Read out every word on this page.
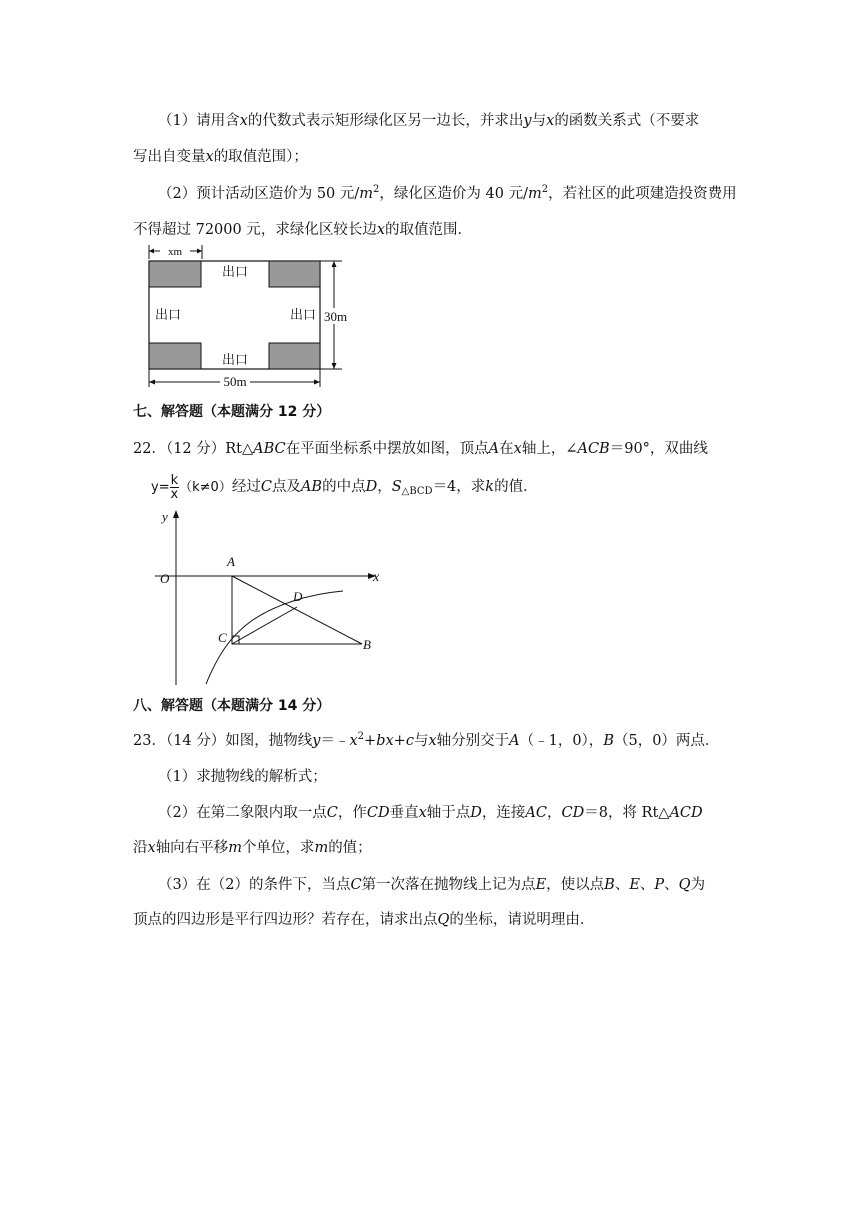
（1）请用含x的代数式表示矩形绿化区另一边长，并求出y与x的函数关系式（不要求
写出自变量x的取值范围）；
（2）预计活动区造价为 50 元$/m^2$，绿化区造价为 40 元$/m^2$，若社区的此项建造投资费用
不得超过 72000 元，求绿化区较长边x的取值范围．
xm
出口
出口	出口
出口
30m
50m
七、解答题（本题满分 12 分）
22．（12 分）Rt△ABC在平面坐标系中摆放如图，顶点A在x轴上，∠ACB＝90°，双曲线
$y= \frac{k}{x} (k\ne 0)$经过C点及AB的中点D，$S_{\triangle BCD}=4$，求k的值．
y
x
O
A
D
C	B
八、解答题（本题满分 14 分）
23．（14 分）如图，抛物线$y=﹣x^2+bx+c$与x轴分别交于A（﹣1，0），B（5，0）两点．
（1）求抛物线的解析式；
（2）在第二象限内取一点C，作CD垂直x轴于点D，连接AC，CD＝8，将 Rt△ACD
沿x轴向右平移m个单位，求m的值；
（3）在（2）的条件下，当点C第一次落在抛物线上记为点E，使以点B、E、P、Q为
顶点的四边形是平行四边形？若存在，请求出点Q的坐标，请说明理由．
